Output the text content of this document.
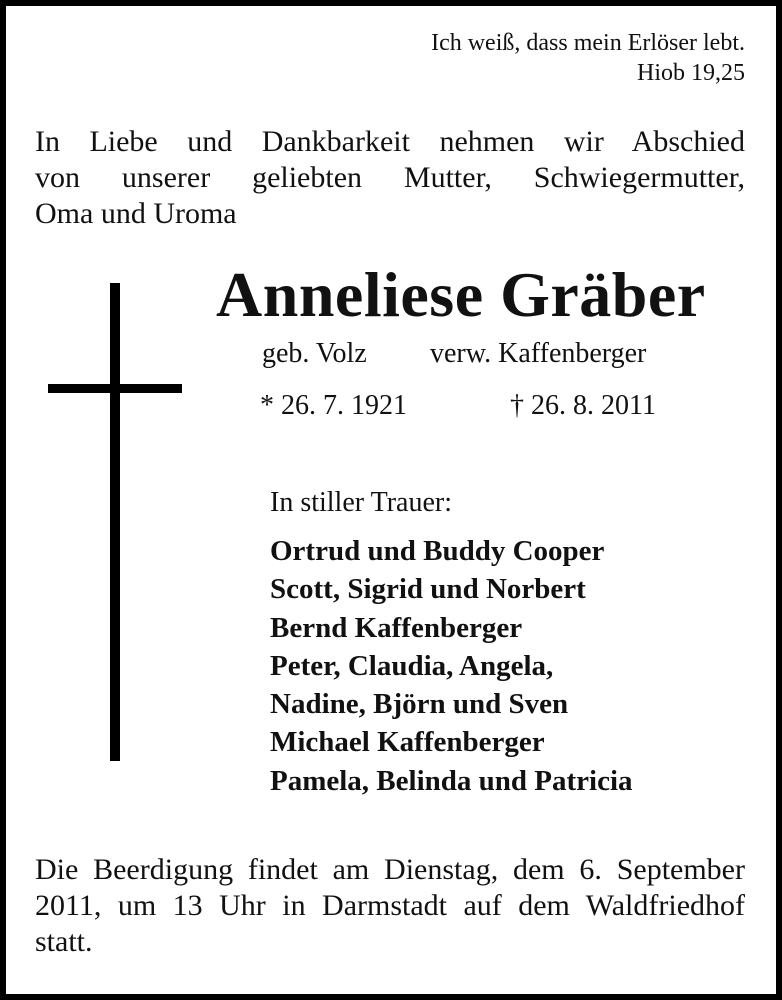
Ich weiß, dass mein Erlöser lebt.
Hiob 19,25
In Liebe und Dankbarkeit nehmen wir Abschied
von unserer geliebten Mutter, Schwiegermutter,
Oma und Uroma
Anneliese Gräber
geb. Volz verw. Kaffenberger
* 26. 7. 1921	† 26. 8. 2011
In stiller Trauer:
Ortrud und Buddy Cooper
Scott, Sigrid und Norbert
Bernd Kaffenberger
Peter, Claudia, Angela,
Nadine, Björn und Sven
Michael Kaffenberger
Pamela, Belinda und Patricia
Die Beerdigung findet am Dienstag, dem 6. September
2011, um 13 Uhr in Darmstadt auf dem Waldfriedhof
statt.
